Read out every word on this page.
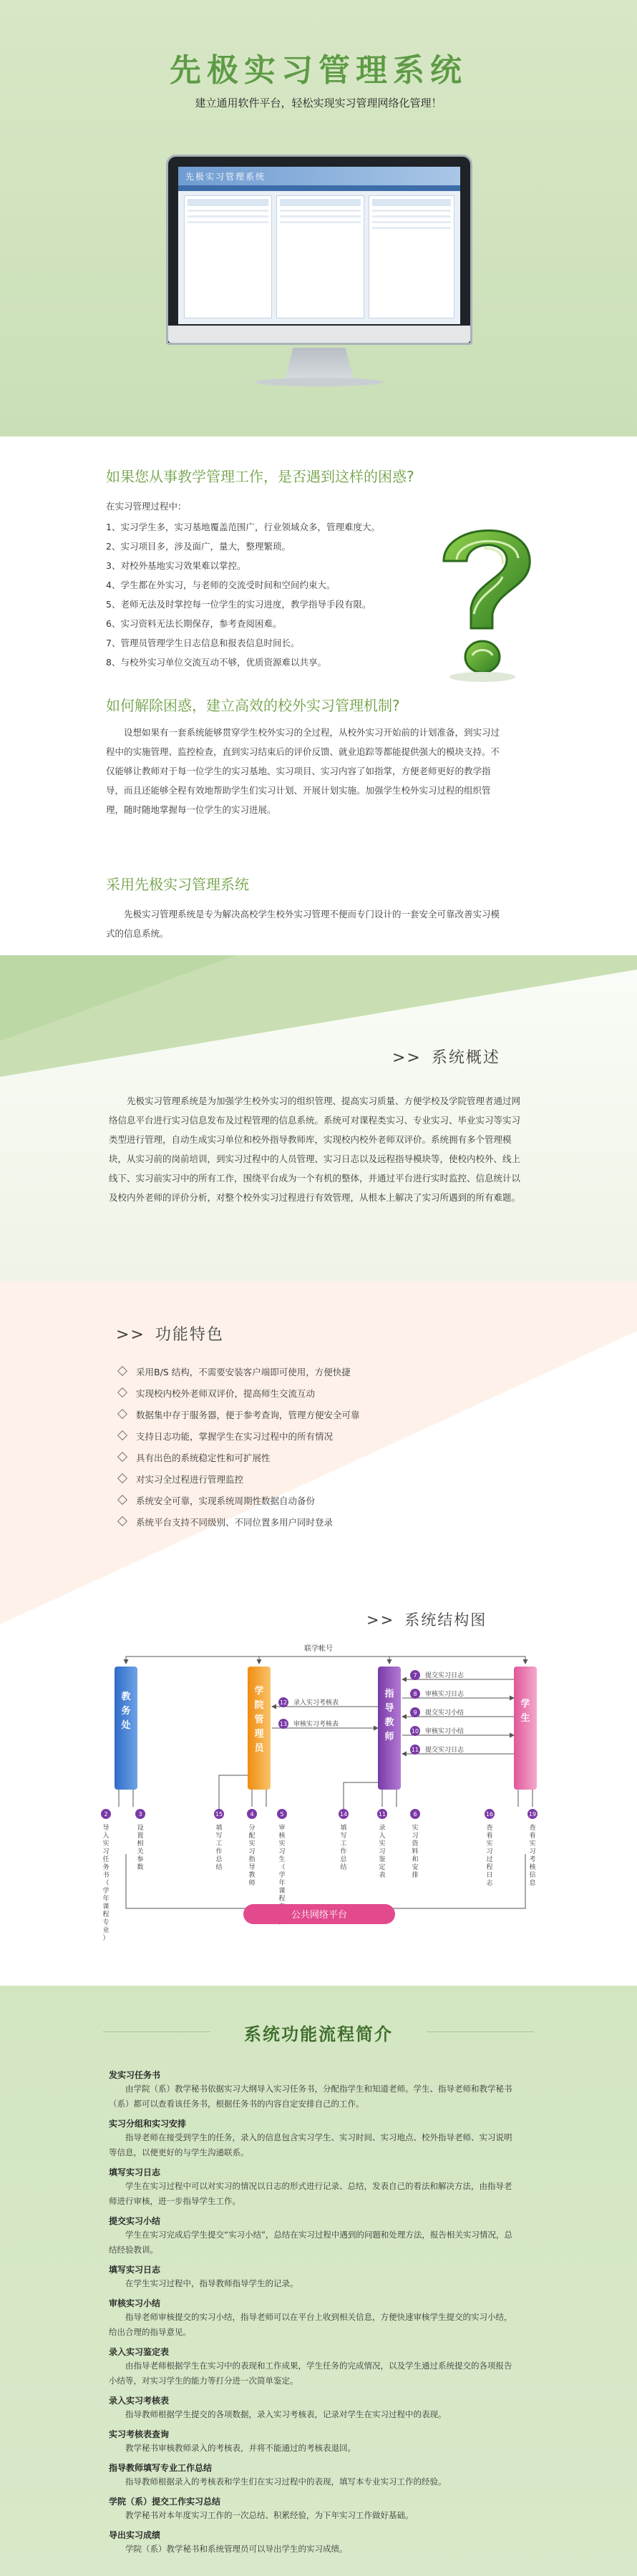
先极实习管理系统
建立通用软件平台，轻松实现实习管理网络化管理！
先极实习管理系统
如果您从事教学管理工作，是否遇到这样的困惑?
在实习管理过程中：
1、实习学生多，实习基地覆盖范围广，行业领域众多，管理难度大。
2、实习项目多，涉及面广，量大，整理繁琐。
3、对校外基地实习效果难以掌控。
4、学生都在外实习，与老师的交流受时间和空间约束大。
5、老师无法及时掌控每一位学生的实习进度，教学指导手段有限。
6、实习资料无法长期保存，参考查阅困难。
7、管理员管理学生日志信息和报表信息时间长。
8、与校外实习单位交流互动不够，优质资源难以共享。
如何解除困惑，建立高效的校外实习管理机制?
设想如果有一套系统能够贯穿学生校外实习的全过程，从校外实习开始前的计划准备，到实习过程中的实施管理、监控检查，直到实习结束后的评价反馈、就业追踪等都能提供强大的模块支持。不仅能够让教师对于每一位学生的实习基地、实习项目、实习内容了如指掌，方便老师更好的教学指导，而且还能够全程有效地帮助学生们实习计划、开展计划实施。加强学生校外实习过程的组织管理，随时随地掌握每一位学生的实习进展。
采用先极实习管理系统
先极实习管理系统是专为解决高校学生校外实习管理不便而专门设计的一套安全可靠改善实习模式的信息系统。
>> 系统概述
先极实习管理系统是为加强学生校外实习的组织管理、提高实习质量、方便学校及学院管理者通过网络信息平台进行实习信息发布及过程管理的信息系统。系统可对课程类实习、专业实习、毕业实习等实习类型进行管理，自动生成实习单位和校外指导教师库，实现校内校外老师双评价。系统拥有多个管理模块，从实习前的岗前培训，到实习过程中的人员管理、实习日志以及远程指导模块等，使校内校外、线上线下、实习前实习中的所有工作，围绕平台成为一个有机的整体，并通过平台进行实时监控、信息统计以及校内外老师的评价分析，对整个校外实习过程进行有效管理，从根本上解决了实习所遇到的所有难题。
>> 功能特色
采用B/S 结构，不需要安装客户端即可使用，方便快捷
实现校内校外老师双评价，提高师生交流互动
数据集中存于服务器，便于参考查询，管理方便安全可靠
支持日志功能，掌握学生在实习过程中的所有情况
具有出色的系统稳定性和可扩展性
对实习全过程进行管理监控
系统安全可靠，实现系统周期性数据自动备份
系统平台支持不同级别、不同位置多用户同时登录
>> 系统结构图
联学帐号
教务处
学院管理员
指导教师
学生
12 录入实习考核表
13 审核实习考核表
7 提交实习日志
8 审核实习日志
9 提交实习小结
10 审核实习小结
11 提交实习日志
2	3	15	4	5	14	11	6	16	19
导入实习任务书（学年课程专业）
设置相关参数
填写工作总结
分配实习指导教师
审核实习生（学年课程
填写工作总结
录入实习鉴定表
实习资料和安排
查看实习过程日志
查看实习考核信息
公共网络平台
系统功能流程简介
发实习任务书
由学院（系）教学秘书依据实习大纲导入实习任务书，分配指学生和知道老师。学生、指导老师和教学秘书（系）都可以查看该任务书，根据任务书的内容自定安排自己的工作。
实习分组和实习安排
指导老师在接受到学生的任务，录入的信息包含实习学生、实习时间、实习地点、校外指导老师、实习说明等信息，以便更好的与学生沟通联系。
填写实习日志
学生在实习过程中可以对实习的情况以日志的形式进行记录、总结，发表自己的看法和解决方法，由指导老师进行审核，进一步指导学生工作。
提交实习小结
学生在实习完成后学生提交“实习小结”，总结在实习过程中遇到的问题和处理方法，报告相关实习情况，总结经验教训。
填写实习日志
在学生实习过程中，指导教师指导学生的记录。
审核实习小结
指导老师审核提交的实习小结，指导老师可以在平台上收到相关信息，方便快速审核学生提交的实习小结，给出合理的指导意见。
录入实习鉴定表
由指导老师根据学生在实习中的表现和工作成果，学生任务的完成情况，以及学生通过系统提交的各项报告小结等，对实习学生的能力等打分进一次简单鉴定。
录入实习考核表
指导教师根据学生提交的各项数据，录入实习考核表，记录对学生在实习过程中的表现。
实习考核表查询
教学秘书审核教师录入的考核表，并将不能通过的考核表退回。
指导教师填写专业工作总结
指导教师根据录入的考核表和学生们在实习过程中的表现，填写本专业实习工作的经验。
学院（系）提交工作实习总结
教学秘书对本年度实习工作的一次总结、积累经验，为下年实习工作做好基础。
导出实习成绩
学院（系）教学秘书和系统管理员可以导出学生的实习成绩。
